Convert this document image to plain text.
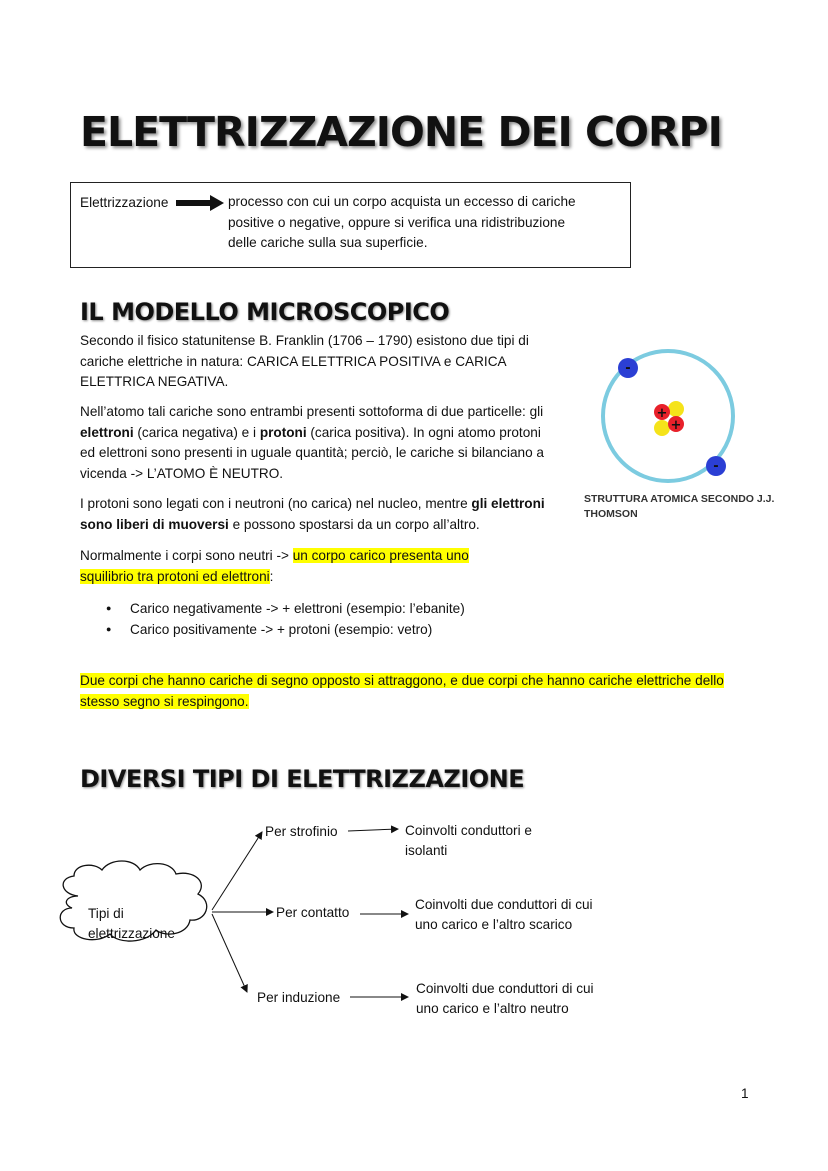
ELETTRIZZAZIONE DEI CORPI
Elettrizzazione	processo con cui un corpo acquista un eccesso di cariche
positive o negative, oppure si verifica una ridistribuzione
delle cariche sulla sua superficie.
IL MODELLO MICROSCOPICO
Secondo il fisico statunitense B. Franklin (1706 – 1790) esistono due tipi di cariche elettriche in natura: CARICA ELETTRICA POSITIVA e CARICA ELETTRICA NEGATIVA.
Nell’atomo tali cariche sono entrambi presenti sottoforma di due particelle: gli elettroni (carica negativa) e i protoni (carica positiva). In ogni atomo protoni ed elettroni sono presenti in uguale quantità; perciò, le cariche si bilanciano a vicenda -> L’ATOMO È NEUTRO.
I protoni sono legati con i neutroni (no carica) nel nucleo, mentre gli elettroni sono liberi di muoversi e possono spostarsi da un corpo all’altro.
Normalmente i corpi sono neutri -> un corpo carico presenta uno squilibrio tra protoni ed elettroni:
● Carico negativamente -> + elettroni (esempio: l’ebanite)
● Carico positivamente -> + protoni (esempio: vetro)
Due corpi che hanno cariche di segno opposto si attraggono, e due corpi che hanno cariche elettriche dello stesso segno si respingono.
-
-
+
+
STRUTTURA ATOMICA SECONDO J.J. THOMSON
DIVERSI TIPI DI ELETTRIZZAZIONE
Tipi di elettrizzazione
Per strofinio	Coinvolti conduttori e isolanti
Per contatto
Coinvolti due conduttori di cui uno carico e l’altro scarico
Per induzione
Coinvolti due conduttori di cui uno carico e l’altro neutro
1
